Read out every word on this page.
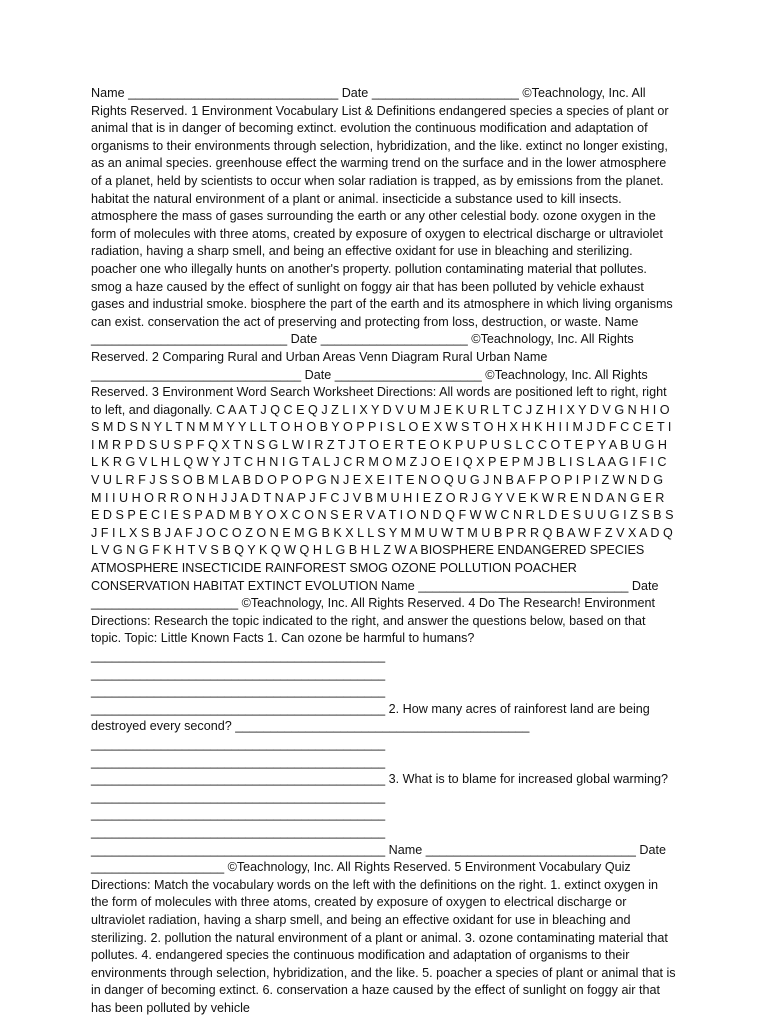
Name ______________________________ Date _____________________ ©Teachnology, Inc. All Rights Reserved. 1 Environment Vocabulary List & Definitions endangered species a species of plant or animal that is in danger of becoming extinct. evolution the continuous modification and adaptation of organisms to their environments through selection, hybridization, and the like. extinct no longer existing, as an animal species. greenhouse effect the warming trend on the surface and in the lower atmosphere of a planet, held by scientists to occur when solar radiation is trapped, as by emissions from the planet. habitat the natural environment of a plant or animal. insecticide a substance used to kill insects. atmosphere the mass of gases surrounding the earth or any other celestial body. ozone oxygen in the form of molecules with three atoms, created by exposure of oxygen to electrical discharge or ultraviolet radiation, having a sharp smell, and being an effective oxidant for use in bleaching and sterilizing. poacher one who illegally hunts on another's property. pollution contaminating material that pollutes. smog a haze caused by the effect of sunlight on foggy air that has been polluted by vehicle exhaust gases and industrial smoke. biosphere the part of the earth and its atmosphere in which living organisms can exist. conservation the act of preserving and protecting from loss, destruction, or waste. Name ____________________________ Date _____________________ ©Teachnology, Inc. All Rights Reserved. 2 Comparing Rural and Urban Areas Venn Diagram Rural Urban Name ______________________________ Date _____________________ ©Teachnology, Inc. All Rights Reserved. 3 Environment Word Search Worksheet Directions: All words are positioned left to right, right to left, and diagonally. C A A T J Q C E Q J Z L I X Y D V U M J E K U R L T C J Z H I X Y D V G N H I O S M D S N Y L T N M M Y Y L L T O H O B Y O P P I S L O E X W S T O H X H K H I I M J D F C C E T I I M R P D S U S P F Q X T N S G L W I R Z T J T O E R T E O K P U P U S L C C O T E P Y A B U G H L K R G V L H L Q W Y J T C H N I G T A L J C R M O M Z J O E I Q X P E P M J B L I S L A A G I F I C V U L R F J S S O B M L A B D O P O P G N J E X E I T E N O Q U G J N B A F P O P I P I Z W N D G M I I U H O R R O N H J J A D T N A P J F C J V B M U H I E Z O R J G Y V E K W R E N D A N G E R E D S P E C I E S P A D M B Y O X C O N S E R V A T I O N D Q F W W C N R L D E S U U G I Z S B S J F I L X S B J A F J O C O Z O N E M G B K X L L S Y M M U W T M U B P R R Q B A W F Z V X A D Q L V G N G F K H T V S B Q Y K Q W Q H L G B H L Z W A BIOSPHERE ENDANGERED SPECIES ATMOSPHERE INSECTICIDE RAINFOREST SMOG OZONE POLLUTION POACHER CONSERVATION HABITAT EXTINCT EVOLUTION Name ______________________________ Date _____________________ ©Teachnology, Inc. All Rights Reserved. 4 Do The Research! Environment Directions: Research the topic indicated to the right, and answer the questions below, based on that topic. Topic: Little Known Facts 1. Can ozone be harmful to humans? __________________________________________ __________________________________________ __________________________________________ __________________________________________ 2. How many acres of rainforest land are being destroyed every second? __________________________________________ __________________________________________ __________________________________________ __________________________________________ 3. What is to blame for increased global warming? __________________________________________ __________________________________________ __________________________________________ __________________________________________ Name ______________________________ Date ___________________ ©Teachnology, Inc. All Rights Reserved. 5 Environment Vocabulary Quiz Directions: Match the vocabulary words on the left with the definitions on the right. 1. extinct oxygen in the form of molecules with three atoms, created by exposure of oxygen to electrical discharge or ultraviolet radiation, having a sharp smell, and being an effective oxidant for use in bleaching and sterilizing. 2. pollution the natural environment of a plant or animal. 3. ozone contaminating material that pollutes. 4. endangered species the continuous modification and adaptation of organisms to their environments through selection, hybridization, and the like. 5. poacher a species of plant or animal that is in danger of becoming extinct. 6. conservation a haze caused by the effect of sunlight on foggy air that has been polluted by vehicle
